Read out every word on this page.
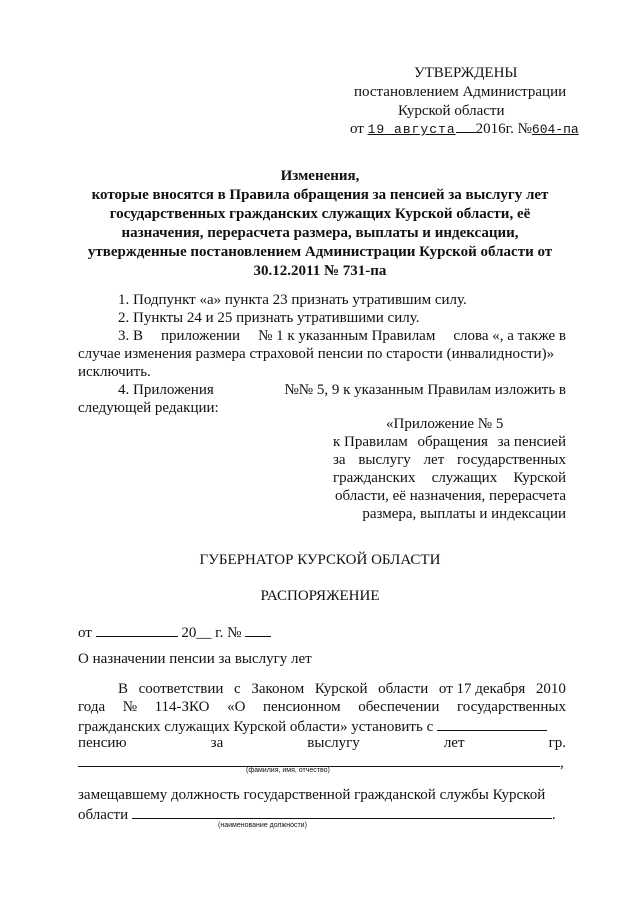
УТВЕРЖДЕНЫ
постановлением Администрации
Курской области
от 19 августа 2016г. №604-па
Изменения,
которые вносятся в Правила обращения за пенсией за выслугу лет
государственных гражданских служащих Курской области, её
назначения, перерасчета размера, выплаты и индексации,
утвержденные постановлением Администрации Курской области от
30.12.2011 № 731-па
1. Подпункт «а» пункта 23 признать утратившим силу.
2. Пункты 24 и 25 признать утратившими силу.
3. В приложении № 1 к указанным Правилам слова «, а также в
случае изменения размера страховой пенсии по старости (инвалидности)»
исключить.
4. Приложения	№№ 5, 9 к указанным Правилам изложить в
следующей редакции:
«Приложение № 5
к Правилам обращения за пенсией
за выслугу лет государственных
гражданских служащих Курской
области, её назначения, перерасчета
размера, выплаты и индексации
ГУБЕРНАТОР КУРСКОЙ ОБЛАСТИ
РАСПОРЯЖЕНИЕ
от	20__ г. №
О назначении пенсии за выслугу лет
В соответствии с Законом Курской области от 17 декабря 2010
года № 114-ЗКО «О пенсионном обеспечении государственных
гражданских служащих Курской области» установить с
пенсию	за	выслугу	лет	гр.
,
(фамилия, имя, отчество)
замещавшему должность государственной гражданской службы Курской
области	.
(наименование должности)
